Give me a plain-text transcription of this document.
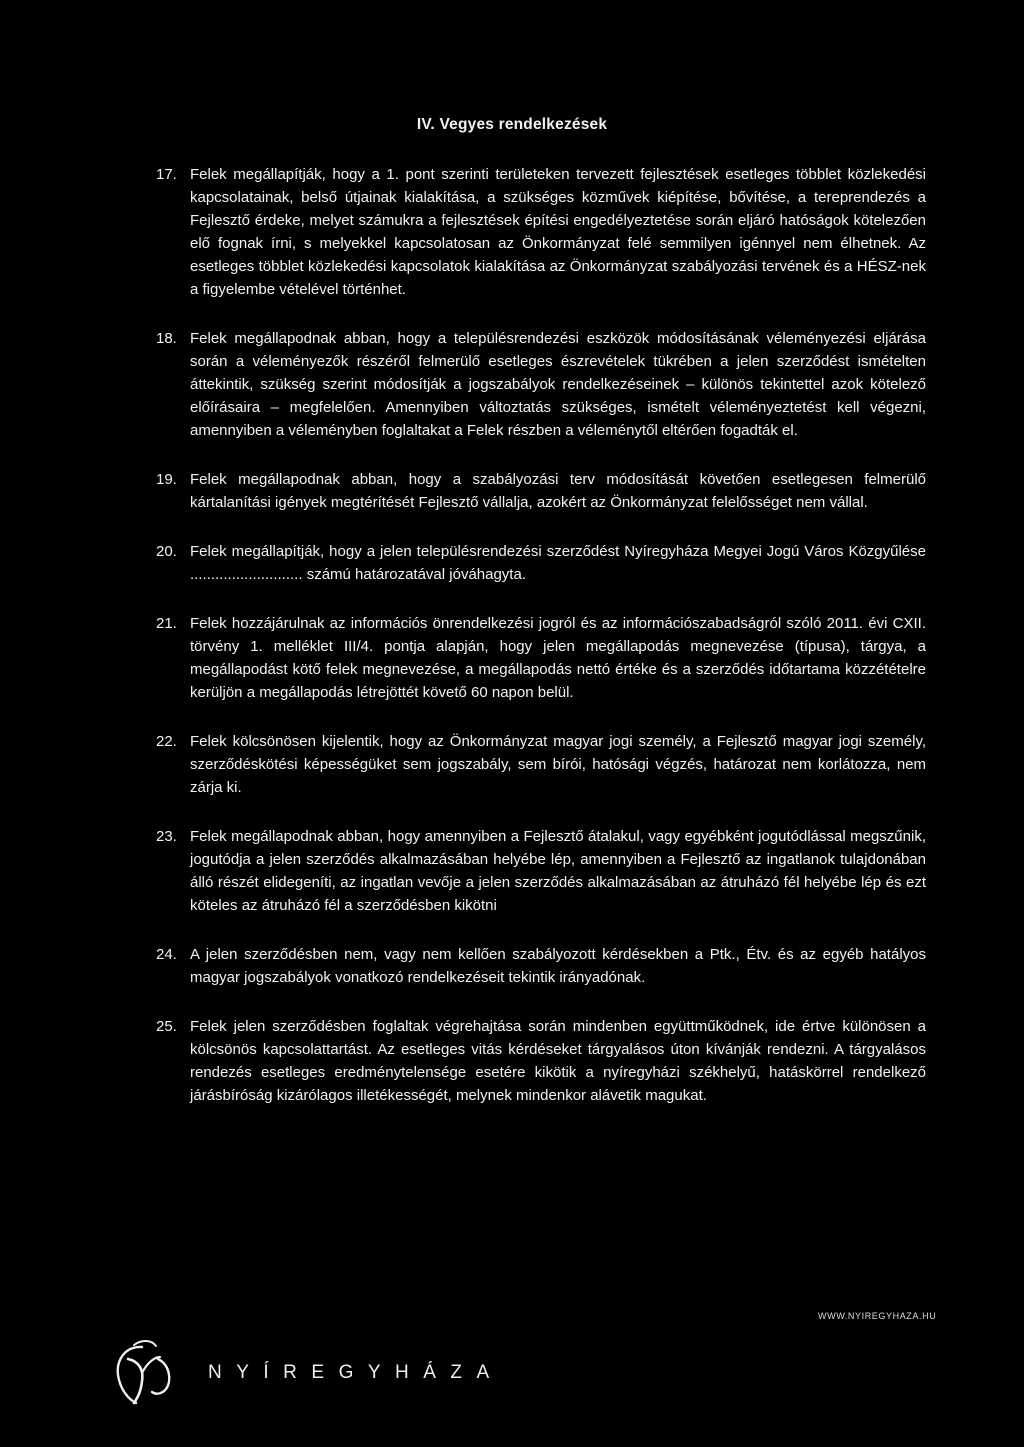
IV. Vegyes rendelkezések
17. Felek megállapítják, hogy a 1. pont szerinti területeken tervezett fejlesztések esetleges többlet közlekedési kapcsolatainak, belső útjainak kialakítása, a szükséges közművek kiépítése, bővítése, a tereprendezés a Fejlesztő érdeke, melyet számukra a fejlesztések építési engedélyeztetése során eljáró hatóságok kötelezően elő fognak írni, s melyekkel kapcsolatosan az Önkormányzat felé semmilyen igénnyel nem élhetnek. Az esetleges többlet közlekedési kapcsolatok kialakítása az Önkormányzat szabályozási tervének és a HÉSZ-nek a figyelembe vételével történhet.
18. Felek megállapodnak abban, hogy a településrendezési eszközök módosításának véleményezési eljárása során a véleményezők részéről felmerülő esetleges észrevételek tükrében a jelen szerződést ismételten áttekintik, szükség szerint módosítják a jogszabályok rendelkezéseinek – különös tekintettel azok kötelező előírásaira – megfelelően. Amennyiben változtatás szükséges, ismételt véleményeztetést kell végezni, amennyiben a véleményben foglaltakat a Felek részben a véleménytől eltérően fogadták el.
19. Felek megállapodnak abban, hogy a szabályozási terv módosítását követően esetlegesen felmerülő kártalanítási igények megtérítését Fejlesztő vállalja, azokért az Önkormányzat felelősséget nem vállal.
20. Felek megállapítják, hogy a jelen településrendezési szerződést Nyíregyháza Megyei Jogú Város Közgyűlése ........................... számú határozatával jóváhagyta.
21. Felek hozzájárulnak az információs önrendelkezési jogról és az információszabadságról szóló 2011. évi CXII. törvény 1. melléklet III/4. pontja alapján, hogy jelen megállapodás megnevezése (típusa), tárgya, a megállapodást kötő felek megnevezése, a megállapodás nettó értéke és a szerződés időtartama közzétételre kerüljön a megállapodás létrejöttét követő 60 napon belül.
22. Felek kölcsönösen kijelentik, hogy az Önkormányzat magyar jogi személy, a Fejlesztő magyar jogi személy, szerződéskötési képességüket sem jogszabály, sem bírói, hatósági végzés, határozat nem korlátozza, nem zárja ki.
23. Felek megállapodnak abban, hogy amennyiben a Fejlesztő átalakul, vagy egyébként jogutódlással megszűnik, jogutódja a jelen szerződés alkalmazásában helyébe lép, amennyiben a Fejlesztő az ingatlanok tulajdonában álló részét elidegeníti, az ingatlan vevője a jelen szerződés alkalmazásában az átruházó fél helyébe lép és ezt köteles az átruházó fél a szerződésben kikötni
24. A jelen szerződésben nem, vagy nem kellően szabályozott kérdésekben a Ptk., Étv. és az egyéb hatályos magyar jogszabályok vonatkozó rendelkezéseit tekintik irányadónak.
25. Felek jelen szerződésben foglaltak végrehajtása során mindenben együttműködnek, ide értve különösen a kölcsönös kapcsolattartást. Az esetleges vitás kérdéseket tárgyalásos úton kívánják rendezni. A tárgyalásos rendezés esetleges eredménytelensége esetére kikötik a nyíregyházi székhelyű, hatáskörrel rendelkező járásbíróság kizárólagos illetékességét, melynek mindenkor alávetik magukat.
WWW.NYIREGYHAZA.HU
NYÍREGYHÁZA
